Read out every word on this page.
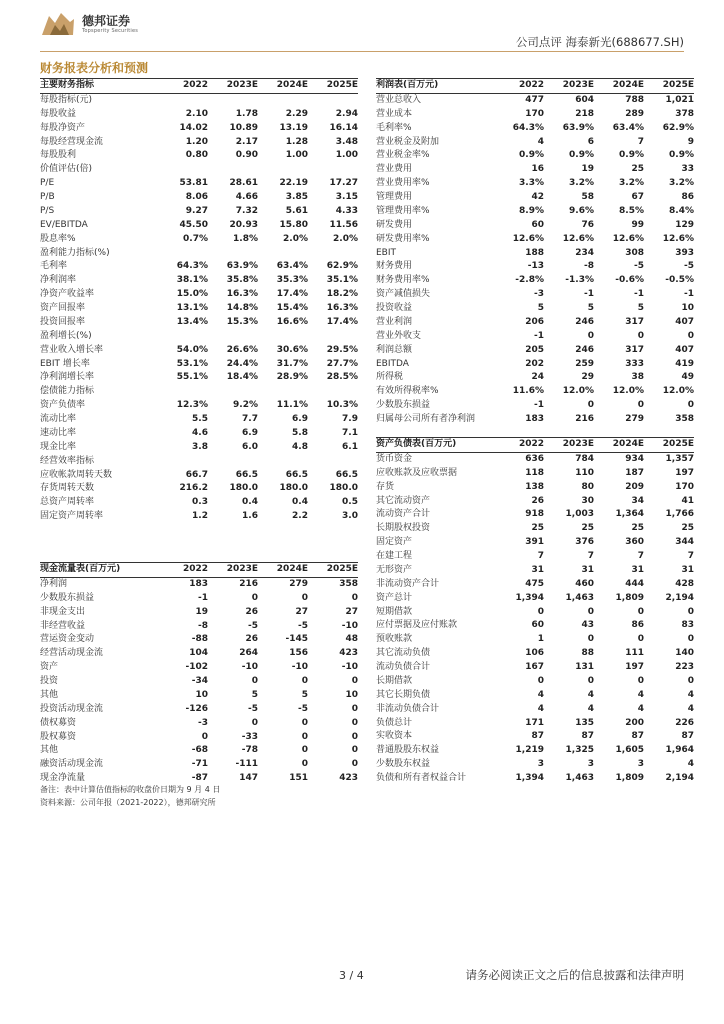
德邦证券
Topsperity Securities
公司点评 海泰新光(688677.SH)
财务报表分析和预测
主要财务指标	2022	2023E	2024E	2025E
每股指标(元)				
每股收益	2.10	1.78	2.29	2.94
每股净资产	14.02	10.89	13.19	16.14
每股经营现金流	1.20	2.17	1.28	3.48
每股股利	0.80	0.90	1.00	1.00
价值评估(倍)				
P/E	53.81	28.61	22.19	17.27
P/B	8.06	4.66	3.85	3.15
P/S	9.27	7.32	5.61	4.33
EV/EBITDA	45.50	20.93	15.80	11.56
股息率%	0.7%	1.8%	2.0%	2.0%
盈利能力指标(%)				
毛利率	64.3%	63.9%	63.4%	62.9%
净利润率	38.1%	35.8%	35.3%	35.1%
净资产收益率	15.0%	16.3%	17.4%	18.2%
资产回报率	13.1%	14.8%	15.4%	16.3%
投资回报率	13.4%	15.3%	16.6%	17.4%
盈利增长(%)				
营业收入增长率	54.0%	26.6%	30.6%	29.5%
EBIT 增长率	53.1%	24.4%	31.7%	27.7%
净利润增长率	55.1%	18.4%	28.9%	28.5%
偿债能力指标				
资产负债率	12.3%	9.2%	11.1%	10.3%
流动比率	5.5	7.7	6.9	7.9
速动比率	4.6	6.9	5.8	7.1
现金比率	3.8	6.0	4.8	6.1
经营效率指标				
应收帐款周转天数	66.7	66.5	66.5	66.5
存货周转天数	216.2	180.0	180.0	180.0
总资产周转率	0.3	0.4	0.4	0.5
固定资产周转率	1.2	1.6	2.2	3.0
现金流量表(百万元)	2022	2023E	2024E	2025E
净利润	183	216	279	358
少数股东损益	-1	0	0	0
非现金支出	19	26	27	27
非经营收益	-8	-5	-5	-10
营运资金变动	-88	26	-145	48
经营活动现金流	104	264	156	423
资产	-102	-10	-10	-10
投资	-34	0	0	0
其他	10	5	5	10
投资活动现金流	-126	-5	-5	0
债权募资	-3	0	0	0
股权募资	0	-33	0	0
其他	-68	-78	0	0
融资活动现金流	-71	-111	0	0
现金净流量	-87	147	151	423
利润表(百万元)	2022	2023E	2024E	2025E
营业总收入	477	604	788	1,021
营业成本	170	218	289	378
毛利率%	64.3%	63.9%	63.4%	62.9%
营业税金及附加	4	6	7	9
营业税金率%	0.9%	0.9%	0.9%	0.9%
营业费用	16	19	25	33
营业费用率%	3.3%	3.2%	3.2%	3.2%
管理费用	42	58	67	86
管理费用率%	8.9%	9.6%	8.5%	8.4%
研发费用	60	76	99	129
研发费用率%	12.6%	12.6%	12.6%	12.6%
EBIT	188	234	308	393
财务费用	-13	-8	-5	-5
财务费用率%	-2.8%	-1.3%	-0.6%	-0.5%
资产减值损失	-3	-1	-1	-1
投资收益	5	5	5	10
营业利润	206	246	317	407
营业外收支	-1	0	0	0
利润总额	205	246	317	407
EBITDA	202	259	333	419
所得税	24	29	38	49
有效所得税率%	11.6%	12.0%	12.0%	12.0%
少数股东损益	-1	0	0	0
归属母公司所有者净利润	183	216	279	358
资产负债表(百万元)	2022	2023E	2024E	2025E
货币资金	636	784	934	1,357
应收账款及应收票据	118	110	187	197
存货	138	80	209	170
其它流动资产	26	30	34	41
流动资产合计	918	1,003	1,364	1,766
长期股权投资	25	25	25	25
固定资产	391	376	360	344
在建工程	7	7	7	7
无形资产	31	31	31	31
非流动资产合计	475	460	444	428
资产总计	1,394	1,463	1,809	2,194
短期借款	0	0	0	0
应付票据及应付账款	60	43	86	83
预收账款	1	0	0	0
其它流动负债	106	88	111	140
流动负债合计	167	131	197	223
长期借款	0	0	0	0
其它长期负债	4	4	4	4
非流动负债合计	4	4	4	4
负债总计	171	135	200	226
实收资本	87	87	87	87
普通股股东权益	1,219	1,325	1,605	1,964
少数股东权益	3	3	3	4
负债和所有者权益合计	1,394	1,463	1,809	2,194
备注：表中计算估值指标的收盘价日期为 9 月 4 日
资料来源：公司年报（2021-2022），德邦研究所
3 / 4	请务必阅读正文之后的信息披露和法律声明
